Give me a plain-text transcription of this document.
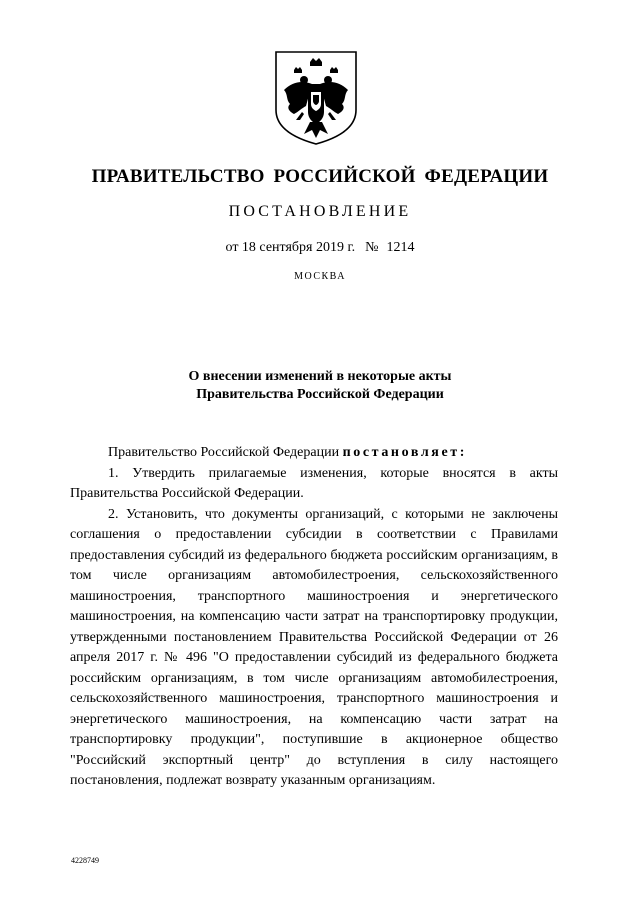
ПРАВИТЕЛЬСТВО РОССИЙСКОЙ ФЕДЕРАЦИИ
ПОСТАНОВЛЕНИЕ
от 18 сентября 2019 г. № 1214
МОСКВА
О внесении изменений в некоторые акты
Правительства Российской Федерации

Правительство Российской Федерации постановляет:

1. Утвердить прилагаемые изменения, которые вносятся в акты Правительства Российской Федерации.

2. Установить, что документы организаций, с которыми не заключены соглашения о предоставлении субсидии в соответствии с Правилами предоставления субсидий из федерального бюджета российским организациям, в том числе организациям автомобилестроения, сельскохозяйственного машиностроения, транспортного машиностроения и энергетического машиностроения, на компенсацию части затрат на транспортировку продукции, утвержденными постановлением Правительства Российской Федерации от 26 апреля 2017 г. № 496 "О предоставлении субсидий из федерального бюджета российским организациям, в том числе организациям автомобилестроения, сельскохозяйственного машиностроения, транспортного машиностроения и энергетического машиностроения, на компенсацию части затрат на транспортировку продукции", поступившие в акционерное общество "Российский экспортный центр" до вступления в силу настоящего постановления, подлежат возврату указанным организациям.

4228749
